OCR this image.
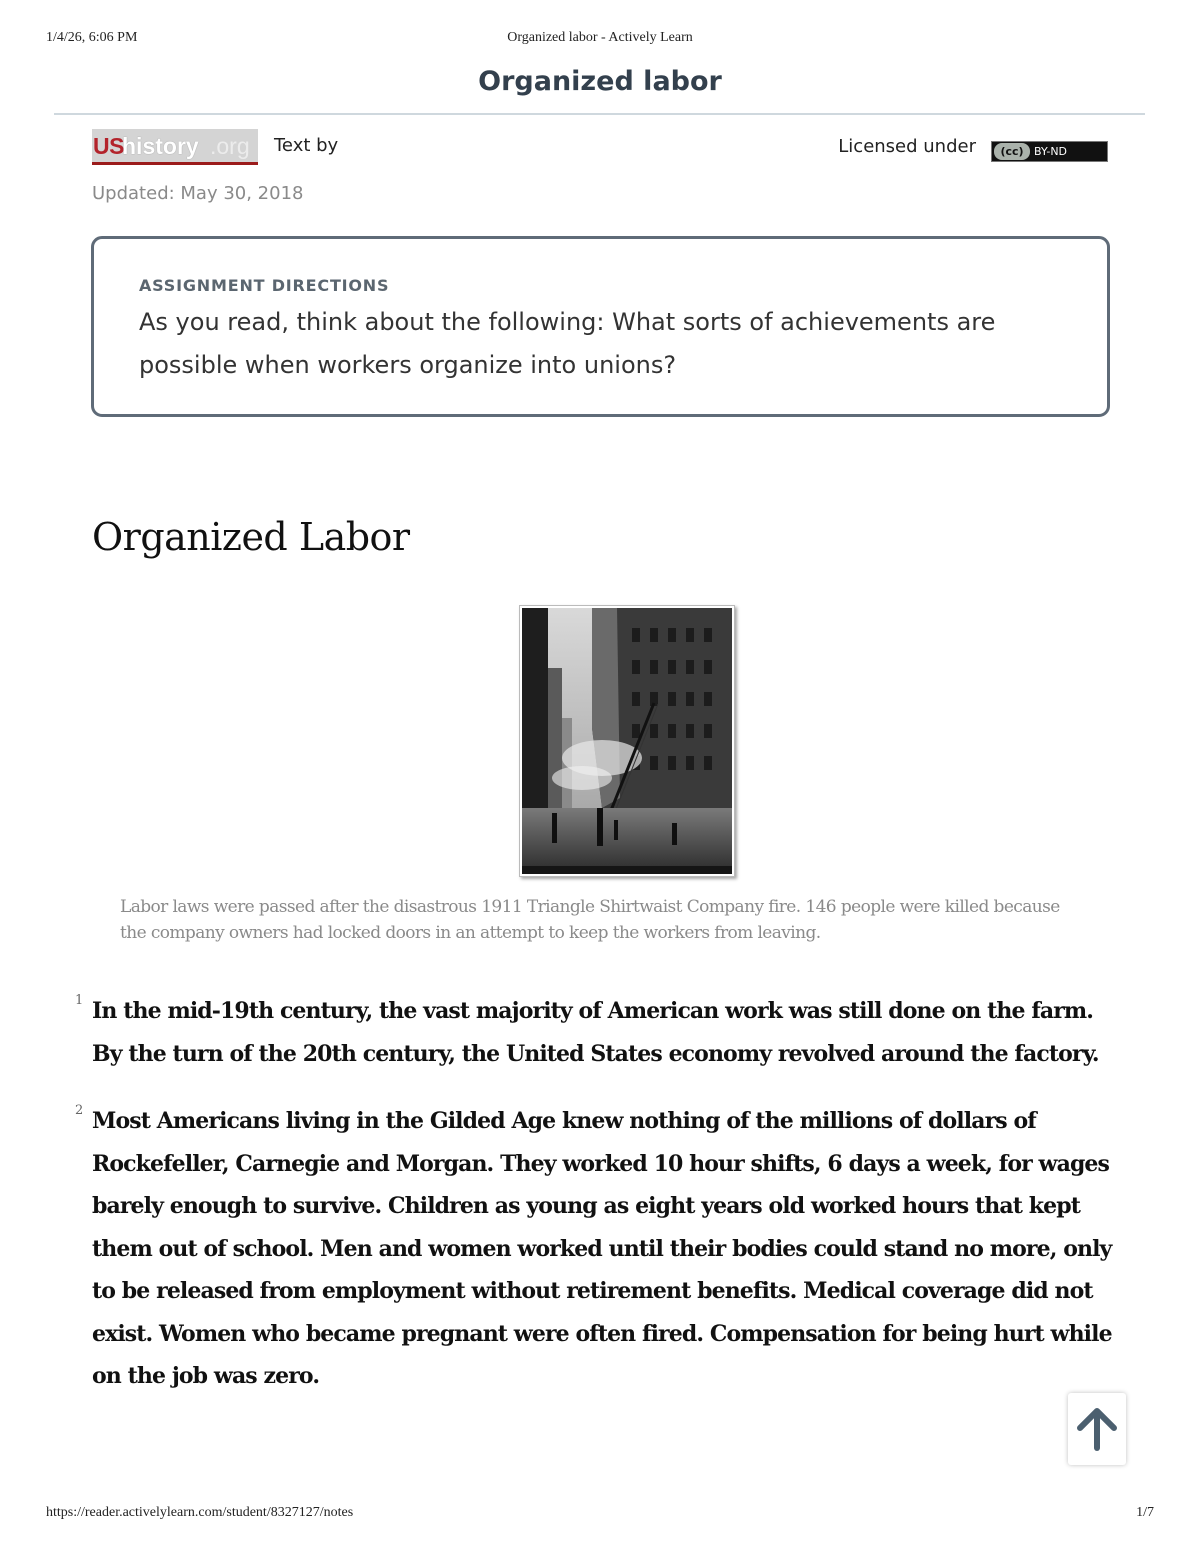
1/4/26, 6:06 PM	Organized labor - Actively Learn
Organized labor
US
history .org Text by	Licensed under	(cc) BY-ND
Updated: May 30, 2018
ASSIGNMENT DIRECTIONS
As you read, think about the following: What sorts of achievements are possible when workers organize into unions?
Organized Labor
Labor laws were passed after the disastrous 1911 Triangle Shirtwaist Company fire. 146 people were killed because the company owners had locked doors in an attempt to keep the workers from leaving.
1 In the mid-19th century, the vast majority of American work was still done on the farm. By the turn of the 20th century, the United States economy revolved around the factory.
2 Most Americans living in the Gilded Age knew nothing of the millions of dollars of Rockefeller, Carnegie and Morgan. They worked 10 hour shifts, 6 days a week, for wages barely enough to survive. Children as young as eight years old worked hours that kept them out of school. Men and women worked until their bodies could stand no more, only to be released from employment without retirement benefits. Medical coverage did not exist. Women who became pregnant were often fired. Compensation for being hurt while on the job was zero.
https://reader.activelylearn.com/student/8327127/notes	1/7
